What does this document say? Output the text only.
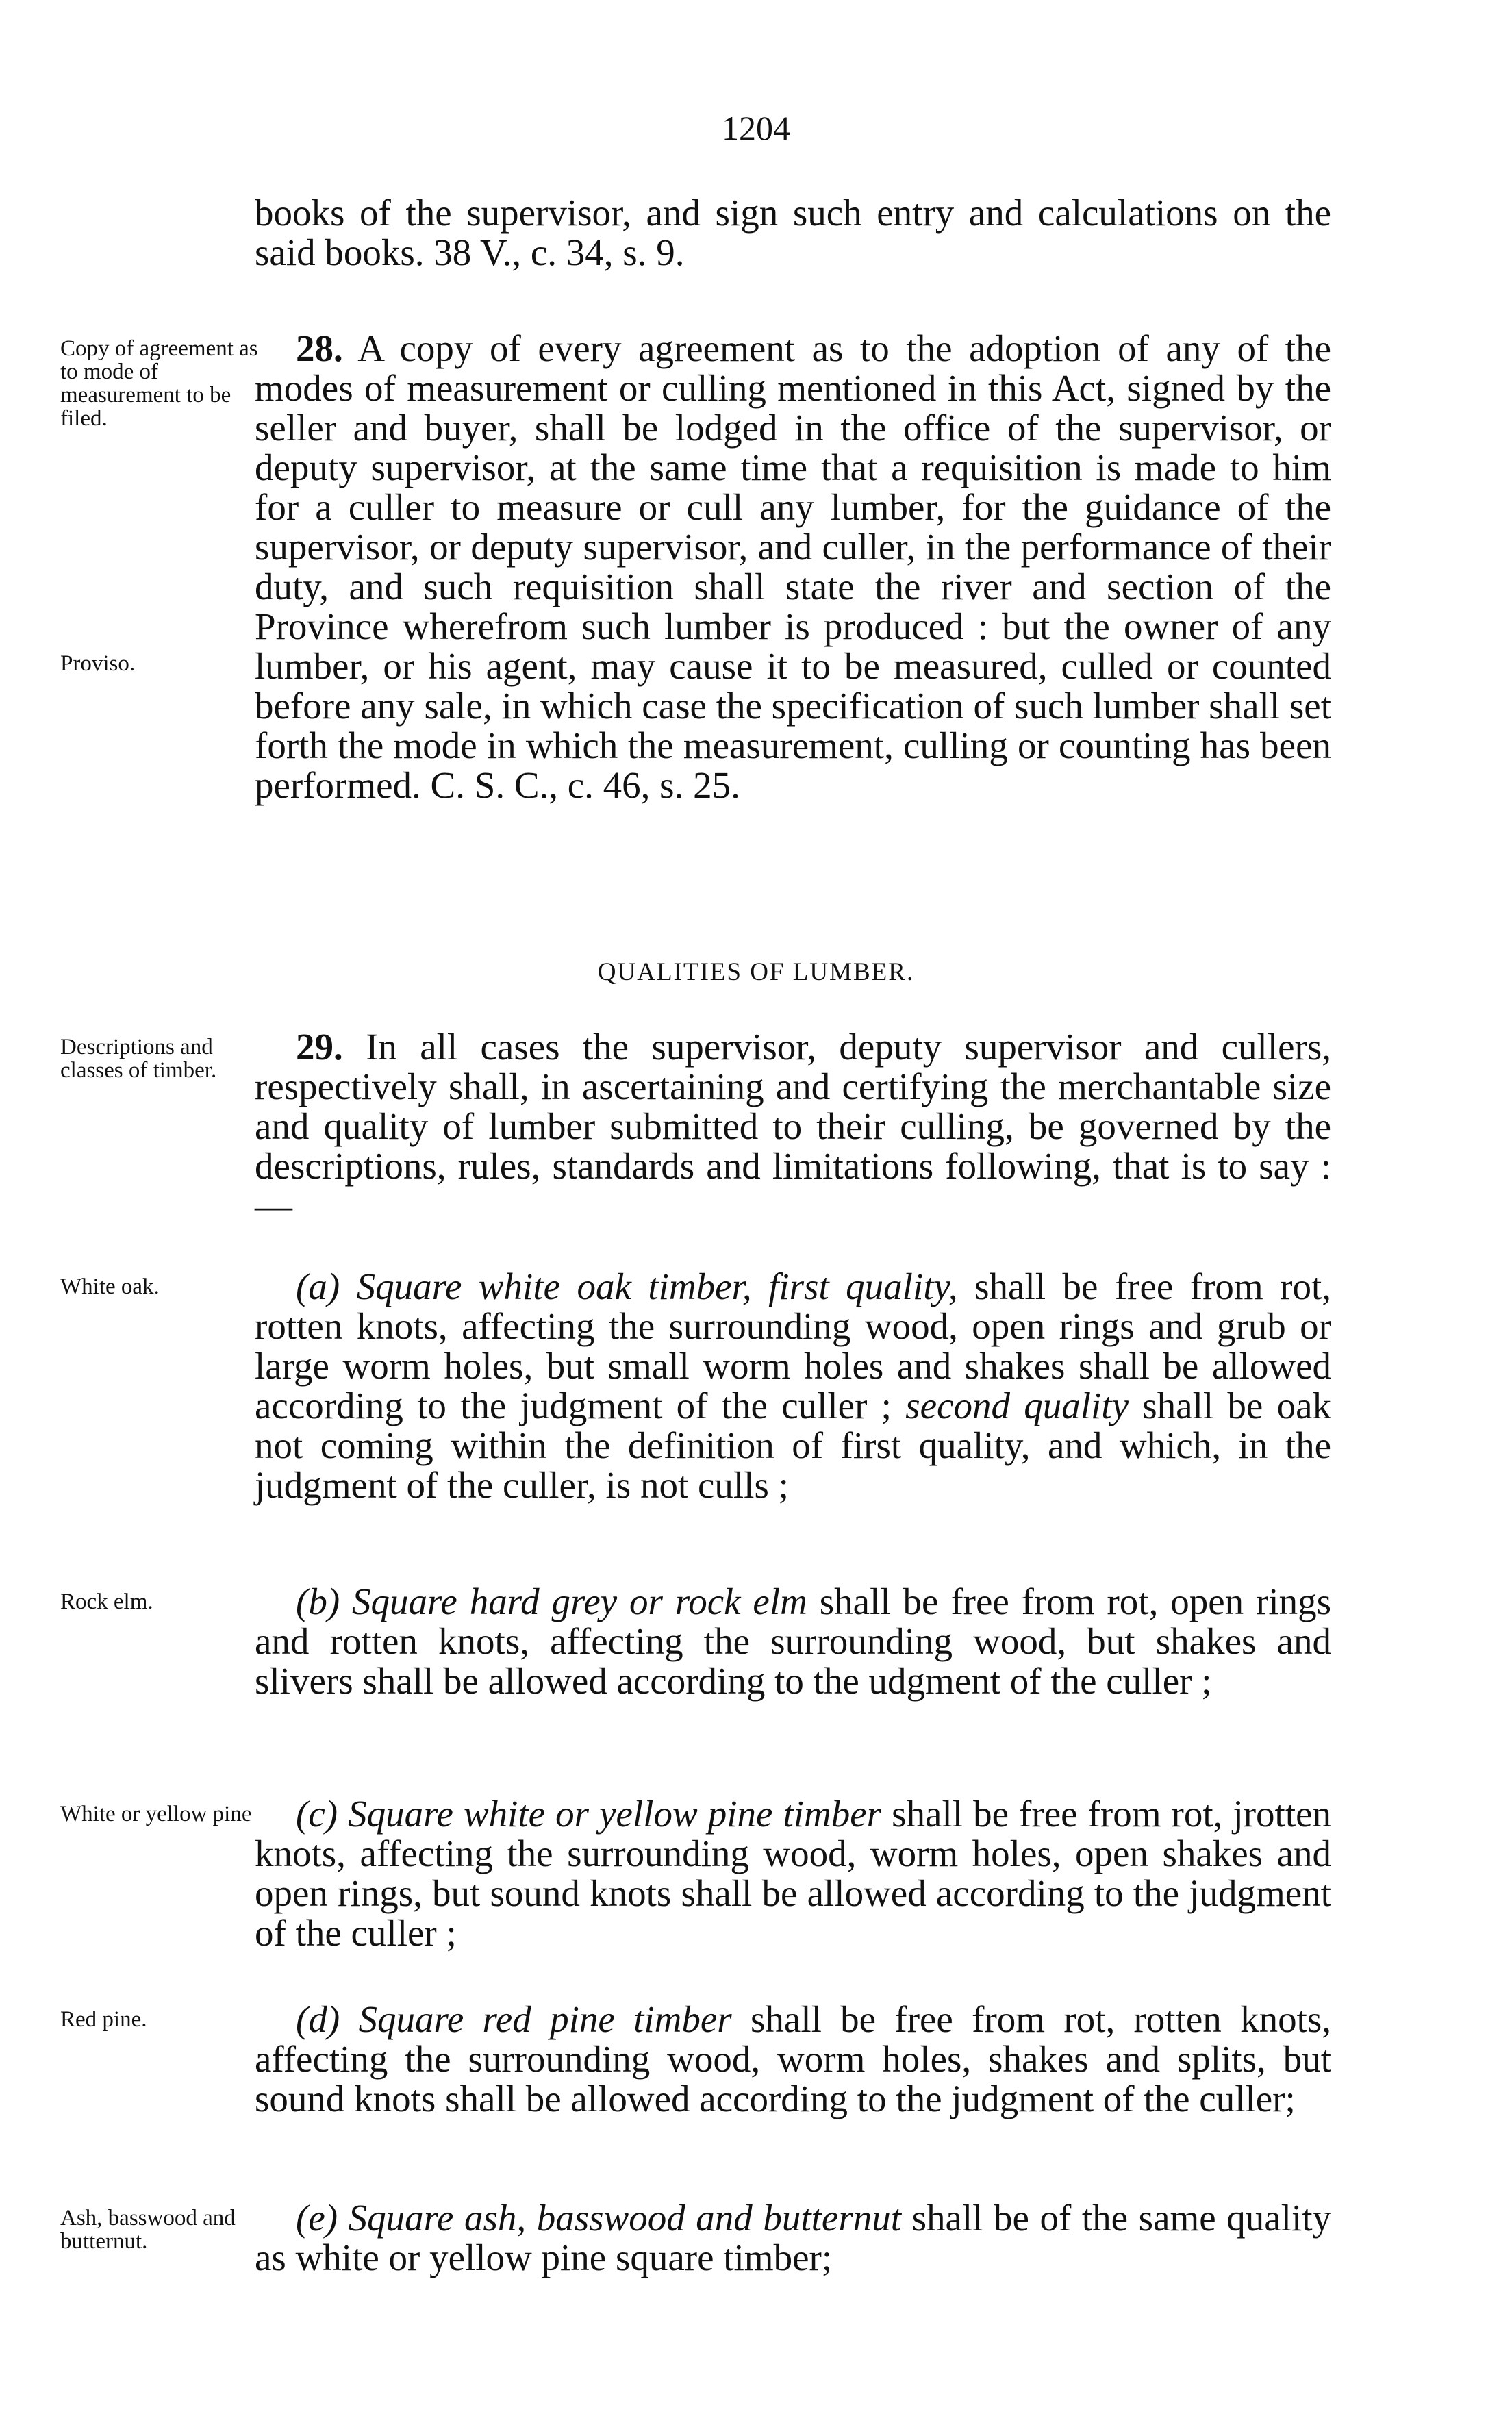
1204
books of the supervisor, and sign such entry and calculations on the said books. 38 V., c. 34, s. 9.
Copy of agreement as to mode of measurement to be filed.
28. A copy of every agreement as to the adoption of any of the modes of measurement or culling mentioned in this Act, signed by the seller and buyer, shall be lodged in the office of the supervisor, or deputy supervisor, at the same time that a requisition is made to him for a culler to measure or cull any lumber, for the guidance of the supervisor, or deputy supervisor, and culler, in the performance of their duty, and such requisition shall state the river and section of the Province wherefrom such lumber is produced : but the owner of any lumber, or his agent, may cause it to be measured, culled or counted before any sale, in which case the specification of such lumber shall set forth the mode in which the measurement, culling or counting has been performed. C. S. C., c. 46, s. 25.
Proviso.
QUALITIES OF LUMBER.
Descriptions and classes of timber.
29. In all cases the supervisor, deputy supervisor and cullers, respectively shall, in ascertaining and certifying the merchantable size and quality of lumber submitted to their culling, be governed by the descriptions, rules, standards and limitations following, that is to say :—
White oak.	(a) Square white oak timber, first quality, shall be free from rot, rotten knots, affecting the surrounding wood, open rings and grub or large worm holes, but small worm holes and shakes shall be allowed according to the judgment of the culler ; second quality shall be oak not coming within the definition of first quality, and which, in the judgment of the culler, is not culls ;
Rock elm.	(b) Square hard grey or rock elm shall be free from rot, open rings and rotten knots, affecting the surrounding wood, but shakes and slivers shall be allowed according to the udgment of the culler ;
White or yellow pine	(c) Square white or yellow pine timber shall be free from rot, jrotten knots, affecting the surrounding wood, worm holes, open shakes and open rings, but sound knots shall be allowed according to the judgment of the culler ;
Red pine.	(d) Square red pine timber shall be free from rot, rotten knots, affecting the surrounding wood, worm holes, shakes and splits, but sound knots shall be allowed according to the judgment of the culler;
Ash, basswood and butternut.
(e) Square ash, basswood and butternut shall be of the same quality as white or yellow pine square timber;
